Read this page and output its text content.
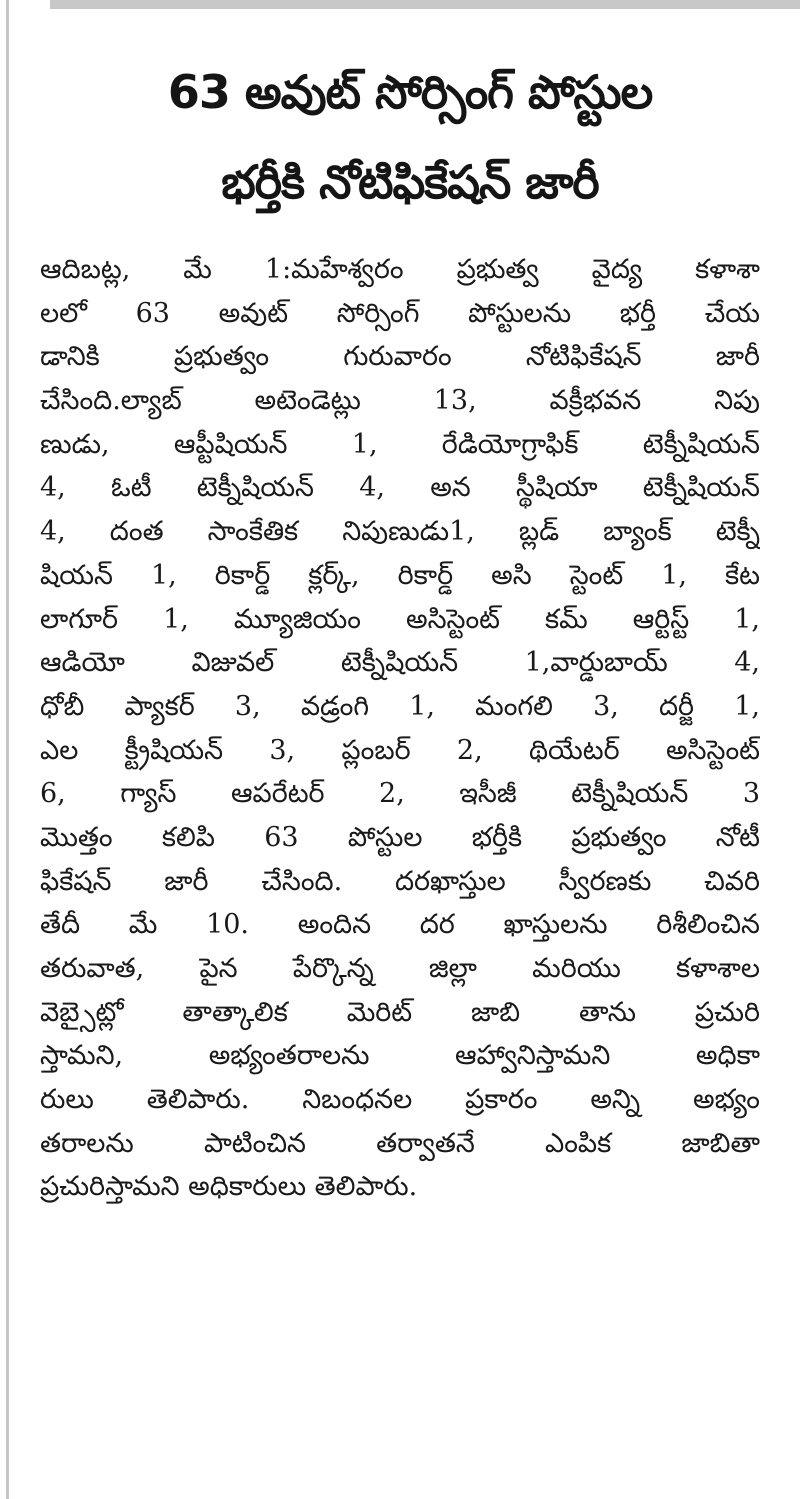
63 అవుట్ సోర్సింగ్ పోస్టుల
భర్తీకి నోటిఫికేషన్ జారీ
ఆదిబట్ల, మే 1:మహేశ్వరం ప్రభుత్వ వైద్య కళాశా
లలో 63 అవుట్ సోర్సింగ్ పోస్టులను భర్తీ చేయ
డానికి ప్రభుత్వం గురువారం నోటిఫికేషన్ జారీ
చేసింది.ల్యాబ్ అటెండెట్లు 13, వక్రీభవన నిపు
ణుడు, ఆప్టీషియన్ 1, రేడియోగ్రాఫిక్ టెక్నీషియన్
4, ఓటీ టెక్నీషియన్ 4, అన స్థీషియా టెక్నీషియన్
4, దంత సాంకేతిక నిపుణుడు1, బ్లడ్ బ్యాంక్ టెక్నీ
షియన్ 1, రికార్డ్ క్లర్క్, రికార్డ్ అసి స్టెంట్ 1, కేట
లాగూర్ 1, మ్యూజియం అసిస్టెంట్ కమ్ ఆర్టిస్ట్ 1,
ఆడియో విజువల్ టెక్నీషియన్ 1,వార్డుబాయ్ 4,
ధోబీ ప్యాకర్ 3, వడ్రంగి 1, మంగలి 3, దర్జీ 1,
ఎల క్ట్రీషియన్ 3, ప్లంబర్ 2, థియేటర్ అసిస్టెంట్
6, గ్యాస్ ఆపరేటర్ 2, ఇసీజీ టెక్నీషియన్ 3
మొత్తం కలిపి 63 పోస్టుల భర్తీకి ప్రభుత్వం నోటీ
ఫికేషన్ జారీ చేసింది. దరఖాస్తుల స్వీరణకు చివరి
తేదీ మే 10. అందిన దర ఖాస్తులను రిశీలించిన
తరువాత, పైన పేర్కొన్న జిల్లా మరియు కళాశాల
వెబ్సైట్లో తాత్కాలిక మెరిట్ జాబి తాను ప్రచురి
స్తామని, అభ్యంతరాలను ఆహ్వానిస్తామని అధికా
రులు తెలిపారు. నిబంధనల ప్రకారం అన్ని అభ్యం
తరాలను పాటించిన తర్వాతనే ఎంపిక జాబితా
ప్రచురిస్తామని అధికారులు తెలిపారు.
